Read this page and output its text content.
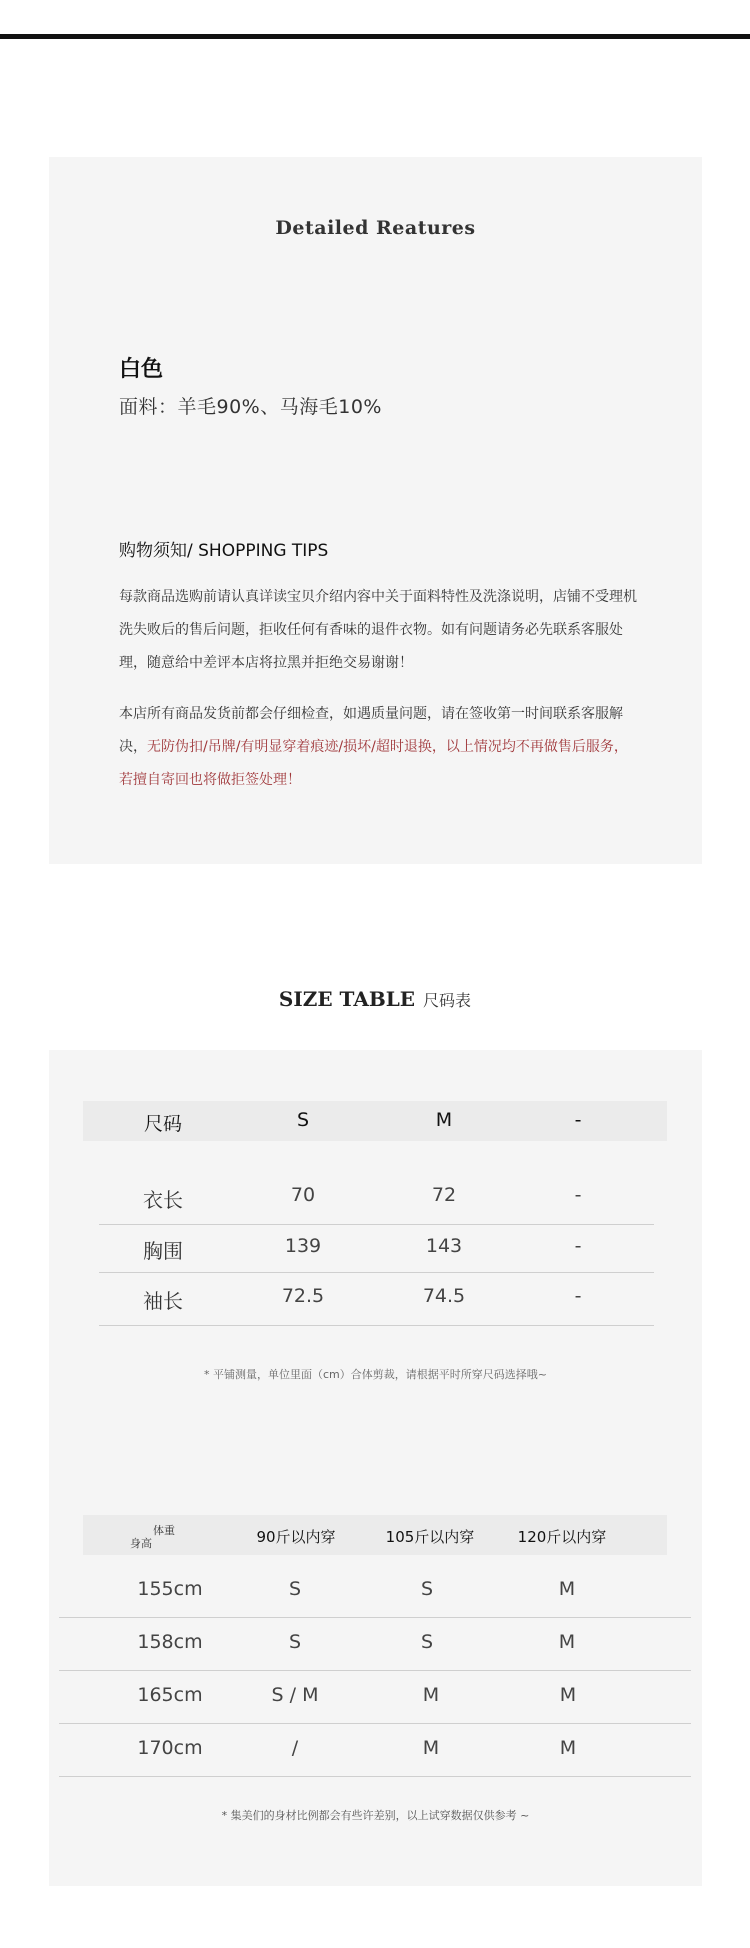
Detailed Reatures
白色
面料：羊毛90%、马海毛10%
购物须知/ SHOPPING TIPS

每款商品选购前请认真详读宝贝介绍内容中关于面料特性及洗涤说明，店铺不受理机洗失败后的售后问题，拒收任何有香味的退件衣物。如有问题请务必先联系客服处理，随意给中差评本店将拉黑并拒绝交易谢谢！

本店所有商品发货前都会仔细检查，如遇质量问题，请在签收第一时间联系客服解决，无防伪扣/吊牌/有明显穿着痕迹/损坏/超时退换，以上情况均不再做售后服务，若擅自寄回也将做拒签处理！

SIZE TABLE 尺码表
尺码	S	M	-
衣长	70	72	-
胸围	139	143	-
袖长	72.5	74.5	-
* 平铺测量，单位里面（cm）合体剪裁，请根据平时所穿尺码选择哦~
体重
身高	90斤以内穿	105斤以内穿	120斤以内穿
155cm	S	S	M
158cm	S	S	M
165cm	S / M	M	M
170cm	/	M	M
* 集美们的身材比例都会有些许差别，以上试穿数据仅供参考 ~
